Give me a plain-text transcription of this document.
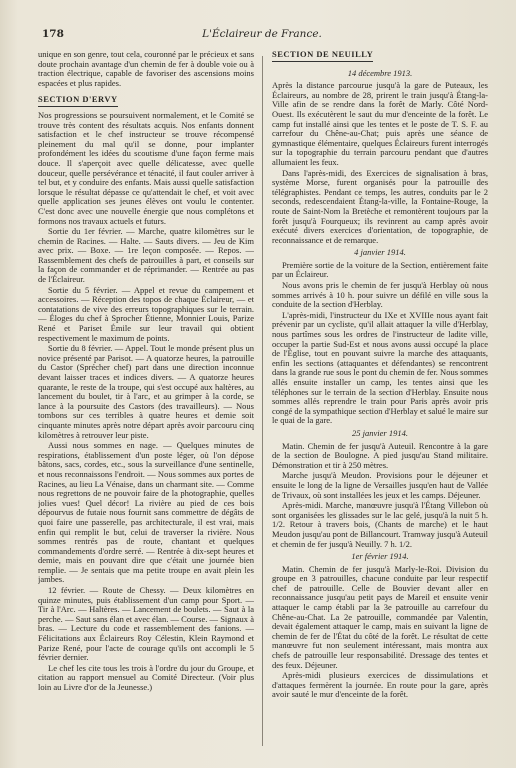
178	L'Éclaireur de France.

unique en son genre, tout cela, couronné par le précieux et sans doute prochain avantage d'un chemin de fer à double voie ou à traction électrique, capable de favoriser des ascensions moins espacées et plus rapides.

SECTION D'ERVY

Nos progressions se poursuivent normalement, et le Comité se trouve très content des résultats acquis. Nos enfants donnent satisfaction et le chef instructeur se trouve récompensé pleinement du mal qu'il se donne, pour implanter profondément les idées du scoutisme d'une façon ferme mais douce. Il s'aperçoit avec quelle délicatesse, avec quelle douceur, quelle persévérance et ténacité, il faut couler arriver à tel but, et y conduire des enfants. Mais aussi quelle satisfaction lorsque le résultat dépasse ce qu'attendait le chef, et voit avec quelle application ses jeunes élèves ont voulu le contenter. C'est donc avec une nouvelle énergie que nous complétons et formons nos travaux actuels et futurs.

Sortie du 1er février. — Marche, quatre kilomètres sur le chemin de Racines. — Halte. — Sauts divers. — Jeu de Kim avec prix. — Boxe. — 1re leçon composée. — Repos. — Rassemblement des chefs de patrouilles à part, et conseils sur la façon de commander et de réprimander. — Rentrée au pas de l'Éclaireur.

Sortie du 5 février. — Appel et revue du campement et accessoires. — Réception des topos de chaque Éclaireur, — et contatations de vive des erreurs topographiques sur le terrain. — Éloges du chef à Sprocher Étienne, Monnier Louis, Parize René et Pariset Émile sur leur travail qui obtient respectivement le maximum de points.

Sortie du 8 février. — Appel. Tout le monde présent plus un novice présenté par Parisot. — A quatorze heures, la patrouille du Castor (Sprécher chef) part dans une direction inconnue devant laisser traces et indices divers. — A quatorze heures quarante, le reste de la troupe, qui s'est occupé aux haltères, au lancement du boulet, tir à l'arc, et au grimper à la corde, se lance à la poursuite des Castors (des travailleurs). — Nous tombons sur ces terribles à quatre heures et demie soit cinquante minutes après notre départ après avoir parcouru cinq kilomètres à retrouver leur piste.

Aussi nous sommes en nage. — Quelques minutes de respirations, établissement d'un poste léger, où l'on dépose bâtons, sacs, cordes, etc., sous la surveillance d'une sentinelle, et nous reconnaissons l'endroit. — Nous sommes aux portes de Racines, au lieu La Vénaise, dans un charmant site. — Comme nous regrettons de ne pouvoir faire de la photographie, quelles jolies vues! Quel décor! La rivière au pied de ces bois dépourvus de futaie nous fournit sans commettre de dégâts de quoi faire une passerelle, pas architecturale, il est vrai, mais enfin qui remplit le but, celui de traverser la rivière. Nous sommes rentrés pas de route, chantant et quelques commandements d'ordre serré. — Rentrée à dix-sept heures et demie, mais en pouvant dire que c'était une journée bien remplie. — Je sentais que ma petite troupe en avait plein les jambes.

12 février. — Route de Chessy. — Deux kilomètres en quinze minutes, puis établissement d'un camp pour Sport. — Tir à l'Arc. — Haltères. — Lancement de boulets. — Saut à la perche. — Saut sans élan et avec élan. — Course. — Signaux à bras. — Lecture du code et rassemblement des fanions. — Félicitations aux Éclaireurs Roy Célestin, Klein Raymond et Parize René, pour l'acte de courage qu'ils ont accompli le 5 février dernier.

Le chef les cite tous les trois à l'ordre du jour du Groupe, et citation au rapport mensuel au Comité Directeur. (Voir plus loin au Livre d'or de la Jeunesse.)

SECTION DE NEUILLY
14 décembre 1913.

Après la distance parcourue jusqu'à la gare de Puteaux, les Éclaireurs, au nombre de 28, prirent le train jusqu'à Étang-la-Ville afin de se rendre dans la forêt de Marly. Côté Nord-Ouest. Ils exécutèrent le saut du mur d'enceinte de la forêt. Le camp fut installé ainsi que les tentes et le poste de T. S. F. au carrefour du Chêne-au-Chat; puis après une séance de gymnastique élémentaire, quelques Éclaireurs furent interrogés sur la topographie du terrain parcouru pendant que d'autres allumaient les feux.

Dans l'après-midi, des Exercices de signalisation à bras, système Morse, furent organisés pour la patrouille des télégraphistes. Pendant ce temps, les autres, conduits par le 2 seconds, redescendaient Étang-la-ville, la Fontaine-Rouge, la route de Saint-Nom la Bretèche et remontèrent toujours par la forêt jusqu'à Fourqueux; ils revinrent au camp après avoir exécuté divers exercices d'orientation, de topographie, de reconnaissance et de remarque.

4 janvier 1914.

Première sortie de la voiture de la Section, entièrement faite par un Éclaireur.

Nous avons pris le chemin de fer jusqu'à Herblay où nous sommes arrivés à 10 h. pour suivre un défilé en ville sous la conduite de la section d'Herblay.

L'après-midi, l'instructeur du IXe et XVIIIe nous ayant fait prévenir par un cycliste, qu'il allait attaquer la ville d'Herblay, nous partîmes sous les ordres de l'instructeur de ladite ville, occuper la partie Sud-Est et nous avons aussi occupé la place de l'Église, tout en pouvant suivre la marche des attaquants, enfin les sections (attaquantes et défendantes) se rencontrent dans la grande rue sous le pont du chemin de fer. Nous sommes allés ensuite installer un camp, les tentes ainsi que les téléphones sur le terrain de la section d'Herblay. Ensuite nous sommes allés reprendre le train pour Paris après avoir pris congé de la sympathique section d'Herblay et salué le maire sur le quai de la gare.

25 janvier 1914.

Matin. Chemin de fer jusqu'à Auteuil. Rencontre à la gare de la section de Boulogne. A pied jusqu'au Stand militaire. Démonstration et tir à 250 mètres.

Marche jusqu'à Meudon. Provisions pour le déjeuner et ensuite le long de la ligne de Versailles jusqu'en haut de Vallée de Trivaux, où sont installées les jeux et les camps. Déjeuner.

Après-midi. Marche, manœuvre jusqu'à l'Étang Villebon où sont organisées les glissades sur le lac gelé, jusqu'à la nuit 5 h. 1/2. Retour à travers bois, (Chants de marche) et le haut Meudon jusqu'au pont de Billancourt. Tramway jusqu'à Auteuil et chemin de fer jusqu'à Neuilly. 7 h. 1/2.

1er février 1914.

Matin. Chemin de fer jusqu'à Marly-le-Roi. Division du groupe en 3 patrouilles, chacune conduite par leur respectif chef de patrouille. Celle de Bouvier devant aller en reconnaissance jusqu'au petit pays de Mareil et ensuite venir attaquer le camp établi par la 3e patrouille au carrefour du Chêne-au-Chat. La 2e patrouille, commandée par Valentin, devait également attaquer le camp, mais en suivant la ligne de chemin de fer de l'État du côté de la forêt. Le résultat de cette manœuvre fut non seulement intéressant, mais montra aux chefs de patrouille leur responsabilité. Dressage des tentes et des feux. Déjeuner.

Après-midi plusieurs exercices de dissimulations et d'attaques fermèrent la journée. En route pour la gare, après avoir sauté le mur d'enceinte de la forêt.
